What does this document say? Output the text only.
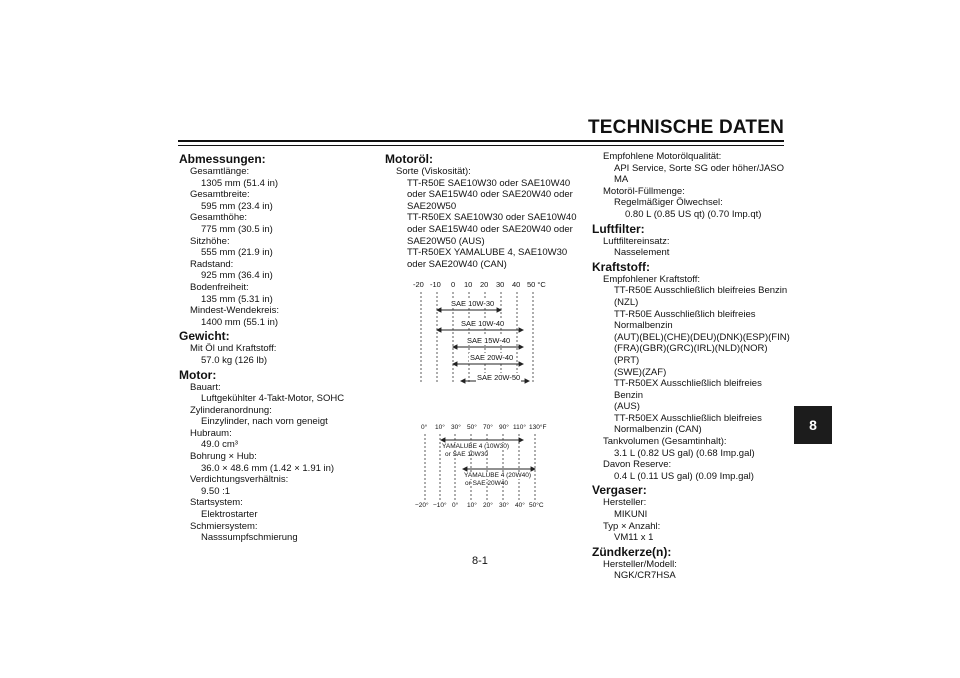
TECHNISCHE DATEN
8
8-1
Abmessungen:
Gesamtlänge:
1305 mm (51.4 in)
Gesamtbreite:
595 mm (23.4 in)
Gesamthöhe:
775 mm (30.5 in)
Sitzhöhe:
555 mm (21.9 in)
Radstand:
925 mm (36.4 in)
Bodenfreiheit:
135 mm (5.31 in)
Mindest-Wendekreis:
1400 mm (55.1 in)
Gewicht:
Mit Öl und Kraftstoff:
57.0 kg (126 lb)
Motor:
Bauart:
Luftgekühlter 4-Takt-Motor, SOHC
Zylinderanordnung:
Einzylinder, nach vorn geneigt
Hubraum:
49.0 cm³
Bohrung × Hub:
36.0 × 48.6 mm (1.42 × 1.91 in)
Verdichtungsverhältnis:
9.50 :1
Startsystem:
Elektrostarter
Schmiersystem:
Nasssumpfschmierung
Motoröl:
Sorte (Viskosität):
TT-R50E SAE10W30 oder SAE10W40
oder SAE15W40 oder SAE20W40 oder
SAE20W50
TT-R50EX SAE10W30 oder SAE10W40
oder SAE15W40 oder SAE20W40 oder
SAE20W50 (AUS)
TT-R50EX YAMALUBE 4, SAE10W30
oder SAE20W40 (CAN)
-20 -10 0 10 20 30 40 50 °C
SAE 10W-30
SAE 10W-40
SAE 15W-40
SAE 20W-40
SAE 20W-50
0° 10° 30° 50° 70° 90° 110° 130°F
YAMALUBE 4 (10W30)
or SAE 10W30
YAMALUBE 4 (20W40)
or SAE 20W40
−20° −10° 0° 10° 20° 30° 40° 50°C
Empfohlene Motorölqualität:
API Service, Sorte SG oder höher/JASO
MA
Motoröl-Füllmenge:
Regelmäßiger Ölwechsel:
0.80 L (0.85 US qt) (0.70 Imp.qt)
Luftfilter:
Luftfiltereinsatz:
Nasselement
Kraftstoff:
Empfohlener Kraftstoff:
TT-R50E Ausschließlich bleifreies Benzin
(NZL)
TT-R50E Ausschließlich bleifreies
Normalbenzin
(AUT)(BEL)(CHE)(DEU)(DNK)(ESP)(FIN)
(FRA)(GBR)(GRC)(IRL)(NLD)(NOR)(PRT)
(SWE)(ZAF)
TT-R50EX Ausschließlich bleifreies Benzin
(AUS)
TT-R50EX Ausschließlich bleifreies
Normalbenzin (CAN)
Tankvolumen (Gesamtinhalt):
3.1 L (0.82 US gal) (0.68 Imp.gal)
Davon Reserve:
0.4 L (0.11 US gal) (0.09 Imp.gal)
Vergaser:
Hersteller:
MIKUNI
Typ × Anzahl:
VM11 x 1
Zündkerze(n):
Hersteller/Modell:
NGK/CR7HSA
